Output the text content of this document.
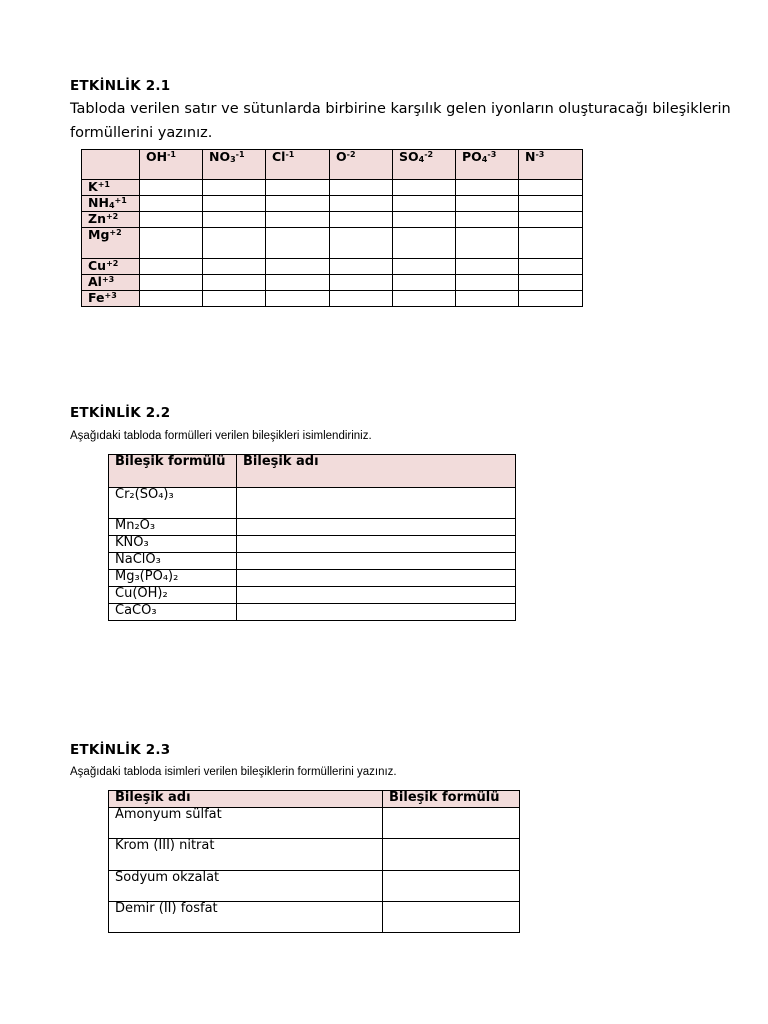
ETKİNLİK 2.1
Tabloda verilen satır ve sütunlarda birbirine karşılık gelen iyonların oluşturacağı bileşiklerin
formüllerini yazınız.
	$OH^{-1}$	$NO_3^{-1}$	$Cl^{-1}$	$O^{-2}$	$SO_4^{-2}$	$PO_4^{-3}$	$N^{-3}$
$K^{+1}$							
$NH_4^{+1}$							
$Zn^{+2}$							
$Mg^{+2}$							
$Cu^{+2}$							
$Al^{+3}$							
$Fe^{+3}$							
ETKİNLİK 2.2
Aşağıdaki tabloda formülleri verilen bileşikleri isimlendiriniz.
Bileşik formülü	Bileşik adı
Cr₂(SO₄)₃	
Mn₂O₃	
KNO₃	
NaClO₃	
Mg₃(PO₄)₂	
Cu(OH)₂	
CaCO₃	
ETKİNLİK 2.3
Aşağıdaki tabloda isimleri verilen bileşiklerin formüllerini yazınız.
Bileşik adı	Bileşik formülü
Amonyum sülfat	
Krom (III) nitrat	
Sodyum okzalat	
Demir (II) fosfat	
